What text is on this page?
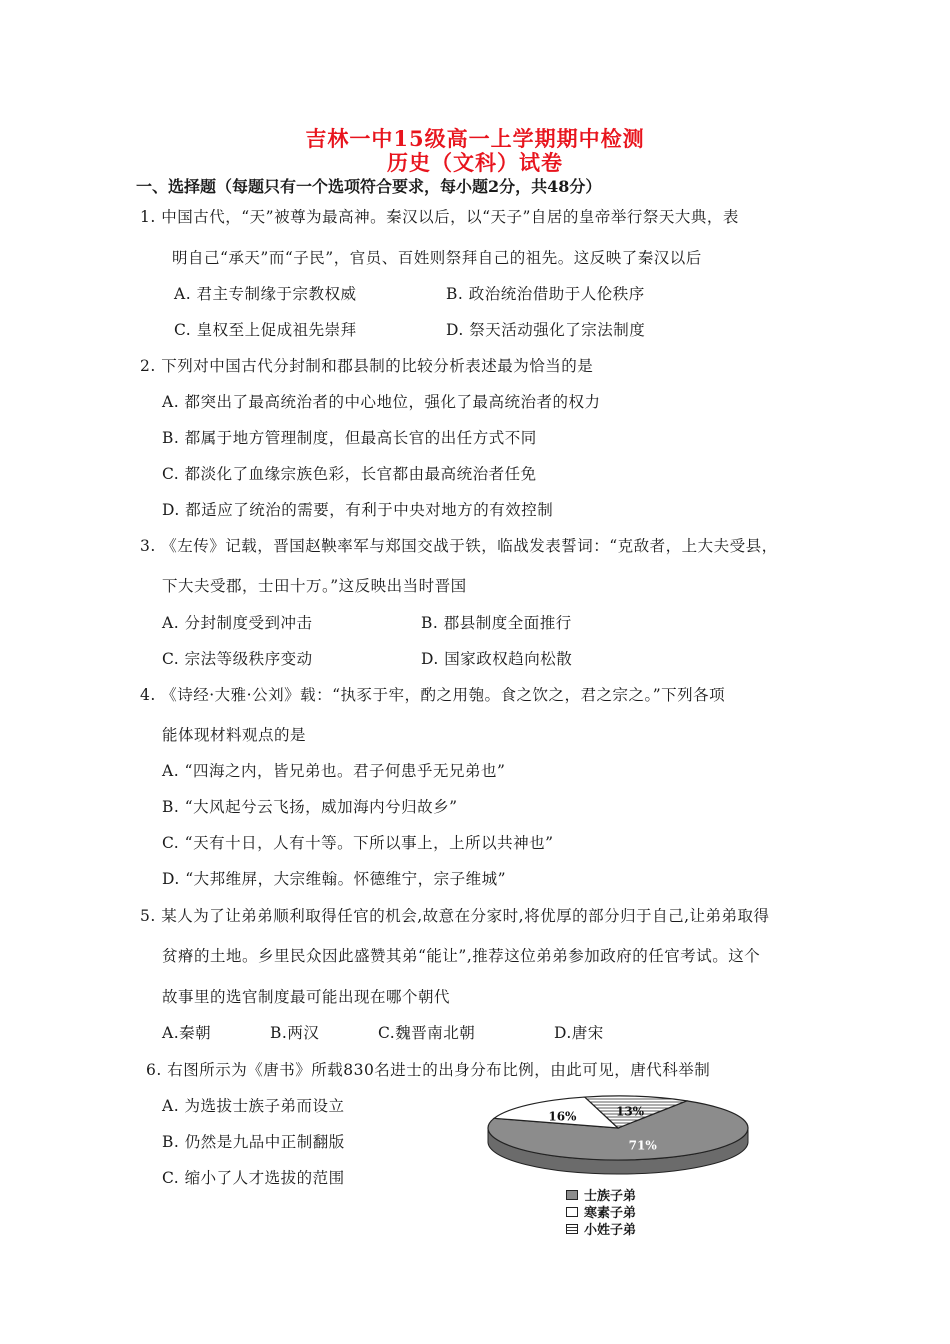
吉林一中15级高一上学期期中检测
历史（文科）试卷
一、选择题（每题只有一个选项符合要求，每小题2分，共48分）
1. 中国古代，“天”被尊为最高神。秦汉以后，以“天子”自居的皇帝举行祭天大典，表
明自己“承天”而“子民”，官员、百姓则祭拜自己的祖先。这反映了秦汉以后
A. 君主专制缘于宗教权威	B. 政治统治借助于人伦秩序
C. 皇权至上促成祖先崇拜	D. 祭天活动强化了宗法制度
2. 下列对中国古代分封制和郡县制的比较分析表述最为恰当的是
A. 都突出了最高统治者的中心地位，强化了最高统治者的权力
B. 都属于地方管理制度，但最高长官的出任方式不同
C. 都淡化了血缘宗族色彩，长官都由最高统治者任免
D. 都适应了统治的需要，有利于中央对地方的有效控制
3. 《左传》记载，晋国赵鞅率军与郑国交战于铁，临战发表誓词：“克敌者，上大夫受县，
下大夫受郡，士田十万。”这反映出当时晋国
A. 分封制度受到冲击	B. 郡县制度全面推行
C. 宗法等级秩序变动	D. 国家政权趋向松散
4. 《诗经·大雅·公刘》载：“执豕于牢，酌之用匏。食之饮之，君之宗之。”下列各项
能体现材料观点的是
A. “四海之内，皆兄弟也。君子何患乎无兄弟也”
B. “大风起兮云飞扬，威加海内兮归故乡”
C. “天有十日，人有十等。下所以事上，上所以共神也”
D. “大邦维屏，大宗维翰。怀德维宁，宗子维城”
5. 某人为了让弟弟顺利取得任官的机会,故意在分家时,将优厚的部分归于自己,让弟弟取得
贫瘠的土地。乡里民众因此盛赞其弟“能让”,推荐这位弟弟参加政府的任官考试。这个
故事里的选官制度最可能出现在哪个朝代
A.秦朝	B.两汉	C.魏晋南北朝	D.唐宋
6. 右图所示为《唐书》所载830名进士的出身分布比例，由此可见，唐代科举制
A. 为选拔士族子弟而设立
B. 仍然是九品中正制翻版
C. 缩小了人才选拔的范围
71%
16%	13%
士族子弟
寒素子弟
小姓子弟
